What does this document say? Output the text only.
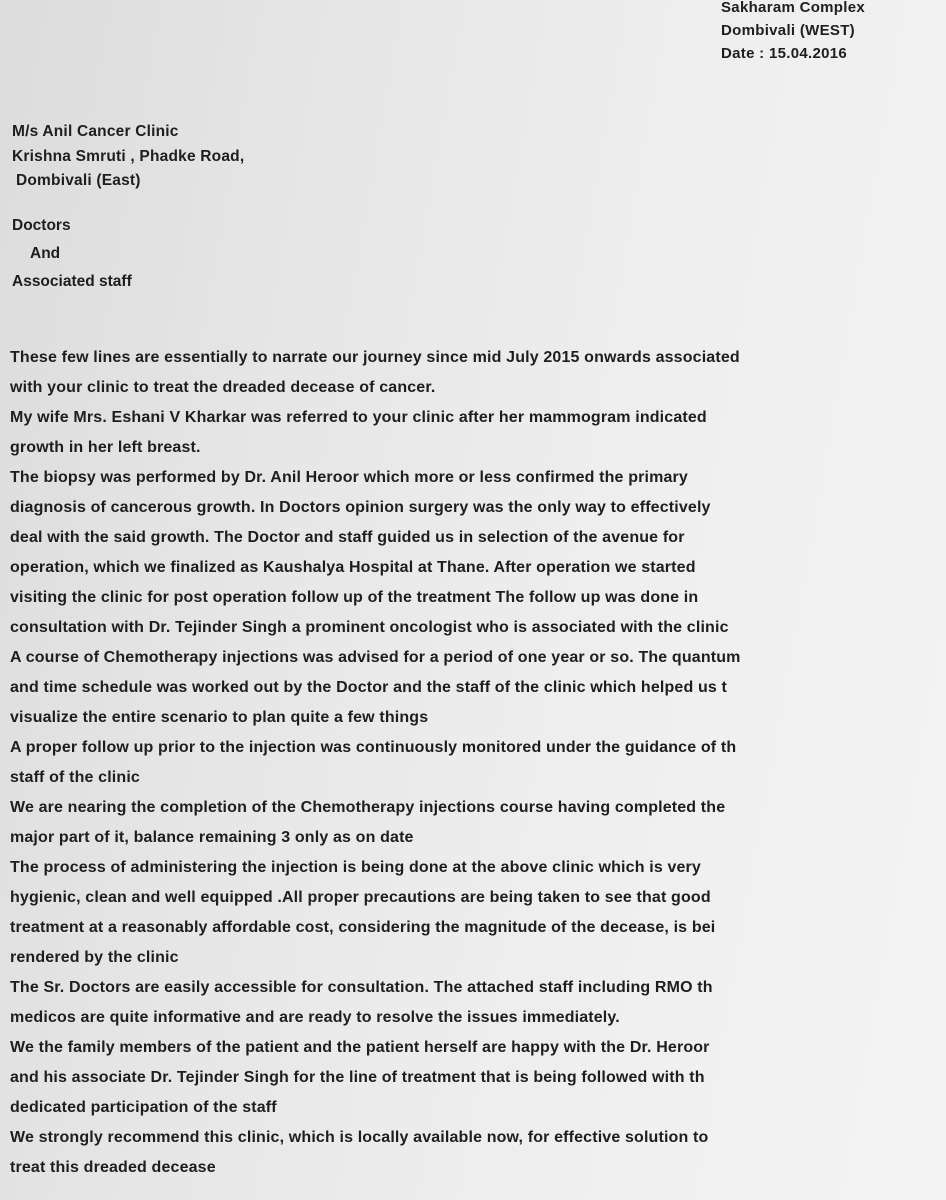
Sakharam Complex
Dombivali (WEST)
Date : 15.04.2016
M/s Anil Cancer Clinic
Krishna Smruti , Phadke Road,
Dombivali (East)
Doctors
And
Associated staff
These few lines are essentially to narrate our journey since mid July 2015 onwards associated
with your clinic to treat the dreaded decease of cancer.
My wife Mrs. Eshani V Kharkar was referred to your clinic after her mammogram indicated
growth in her left breast.
The biopsy was performed by Dr. Anil Heroor which more or less confirmed the primary
diagnosis of cancerous growth. In Doctors opinion surgery was the only way to effectively
deal with the said growth. The Doctor and staff guided us in selection of the avenue for
operation, which we finalized as Kaushalya Hospital at Thane. After operation we started
visiting the clinic for post operation follow up of the treatment The follow up was done in
consultation with Dr. Tejinder Singh a prominent oncologist who is associated with the clinic
A course of Chemotherapy injections was advised for a period of one year or so. The quantum
and time schedule was worked out by the Doctor and the staff of the clinic which helped us t
visualize the entire scenario to plan quite a few things
A proper follow up prior to the injection was continuously monitored under the guidance of th
staff of the clinic
We are nearing the completion of the Chemotherapy injections course having completed the
major part of it, balance remaining 3 only as on date
The process of administering the injection is being done at the above clinic which is very
hygienic, clean and well equipped .All proper precautions are being taken to see that good
treatment at a reasonably affordable cost, considering the magnitude of the decease, is bei
rendered by the clinic
The Sr. Doctors are easily accessible for consultation. The attached staff including RMO th
medicos are quite informative and are ready to resolve the issues immediately.
We the family members of the patient and the patient herself are happy with the Dr. Heroor
and his associate Dr. Tejinder Singh for the line of treatment that is being followed with th
dedicated participation of the staff
We strongly recommend this clinic, which is locally available now, for effective solution to
treat this dreaded decease
